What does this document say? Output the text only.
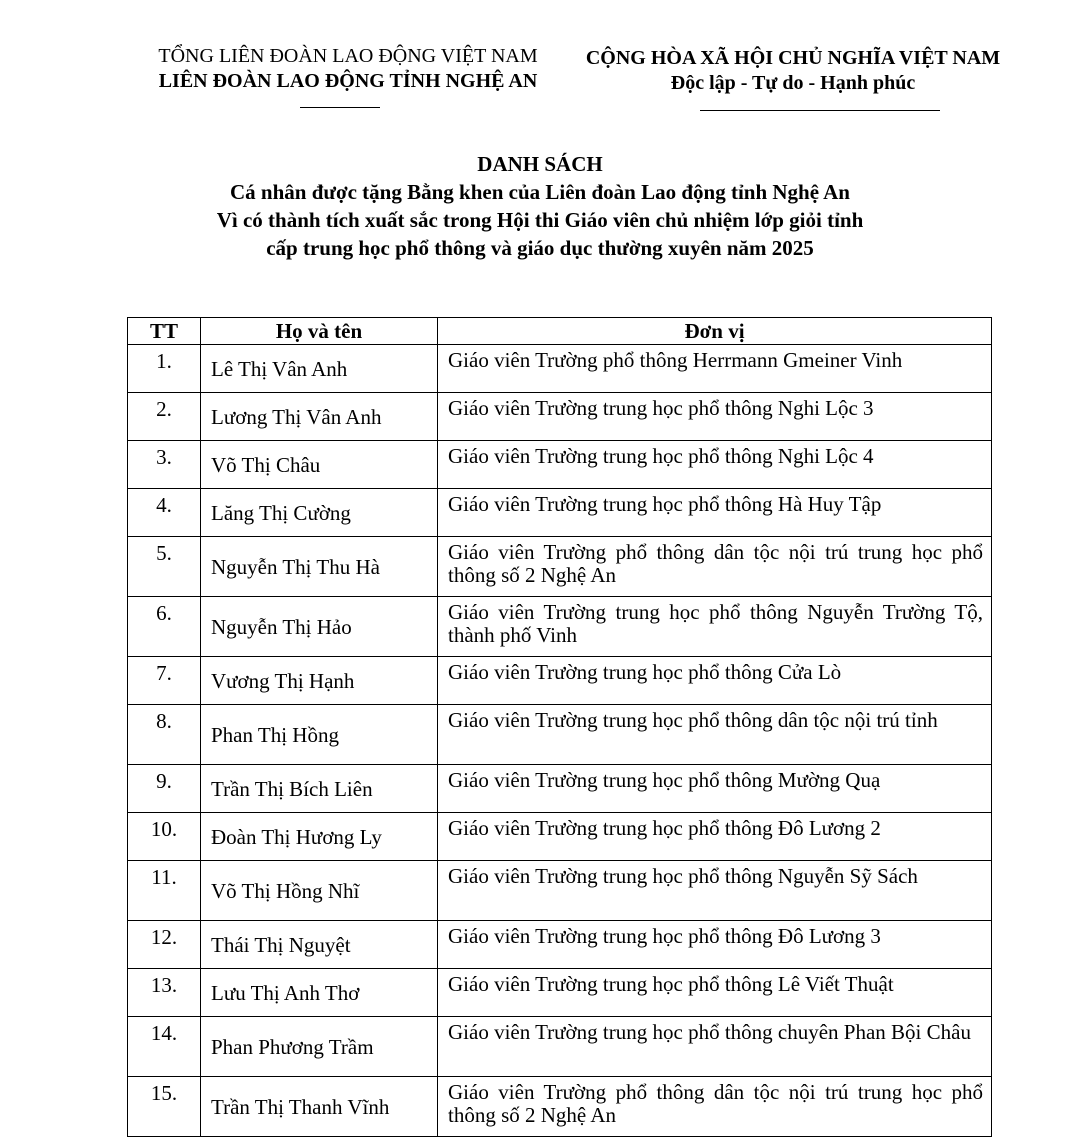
TỔNG LIÊN ĐOÀN LAO ĐỘNG VIỆT NAM
LIÊN ĐOÀN LAO ĐỘNG TỈNH NGHỆ AN
CỘNG HÒA XÃ HỘI CHỦ NGHĨA VIỆT NAM
Độc lập - Tự do - Hạnh phúc
DANH SÁCH
Cá nhân được tặng Bằng khen của Liên đoàn Lao động tỉnh Nghệ An
Vì có thành tích xuất sắc trong Hội thi Giáo viên chủ nhiệm lớp giỏi tỉnh
cấp trung học phổ thông và giáo dục thường xuyên năm 2025
TT	Họ và tên	Đơn vị
1.	Lê Thị Vân Anh	Giáo viên Trường phổ thông Herrmann Gmeiner Vinh
2.	Lương Thị Vân Anh	Giáo viên Trường trung học phổ thông Nghi Lộc 3
3.	Võ Thị Châu	Giáo viên Trường trung học phổ thông Nghi Lộc 4
4.	Lăng Thị Cường	Giáo viên Trường trung học phổ thông Hà Huy Tập
5.	Nguyễn Thị Thu Hà	Giáo viên Trường phổ thông dân tộc nội trú trung học phổ thông số 2 Nghệ An
6.	Nguyễn Thị Hảo	Giáo viên Trường trung học phổ thông Nguyễn Trường Tộ, thành phố Vinh
7.	Vương Thị Hạnh	Giáo viên Trường trung học phổ thông Cửa Lò
8.	Phan Thị Hồng	Giáo viên Trường trung học phổ thông dân tộc nội trú tỉnh
9.	Trần Thị Bích Liên	Giáo viên Trường trung học phổ thông Mường Quạ
10.	Đoàn Thị Hương Ly	Giáo viên Trường trung học phổ thông Đô Lương 2
11.	Võ Thị Hồng Nhĩ	Giáo viên Trường trung học phổ thông Nguyễn Sỹ Sách
12.	Thái Thị Nguyệt	Giáo viên Trường trung học phổ thông Đô Lương 3
13.	Lưu Thị Anh Thơ	Giáo viên Trường trung học phổ thông Lê Viết Thuật
14.	Phan Phương Trầm	Giáo viên Trường trung học phổ thông chuyên Phan Bội Châu
15.	Trần Thị Thanh Vĩnh	Giáo viên Trường phổ thông dân tộc nội trú trung học phổ thông số 2 Nghệ An
